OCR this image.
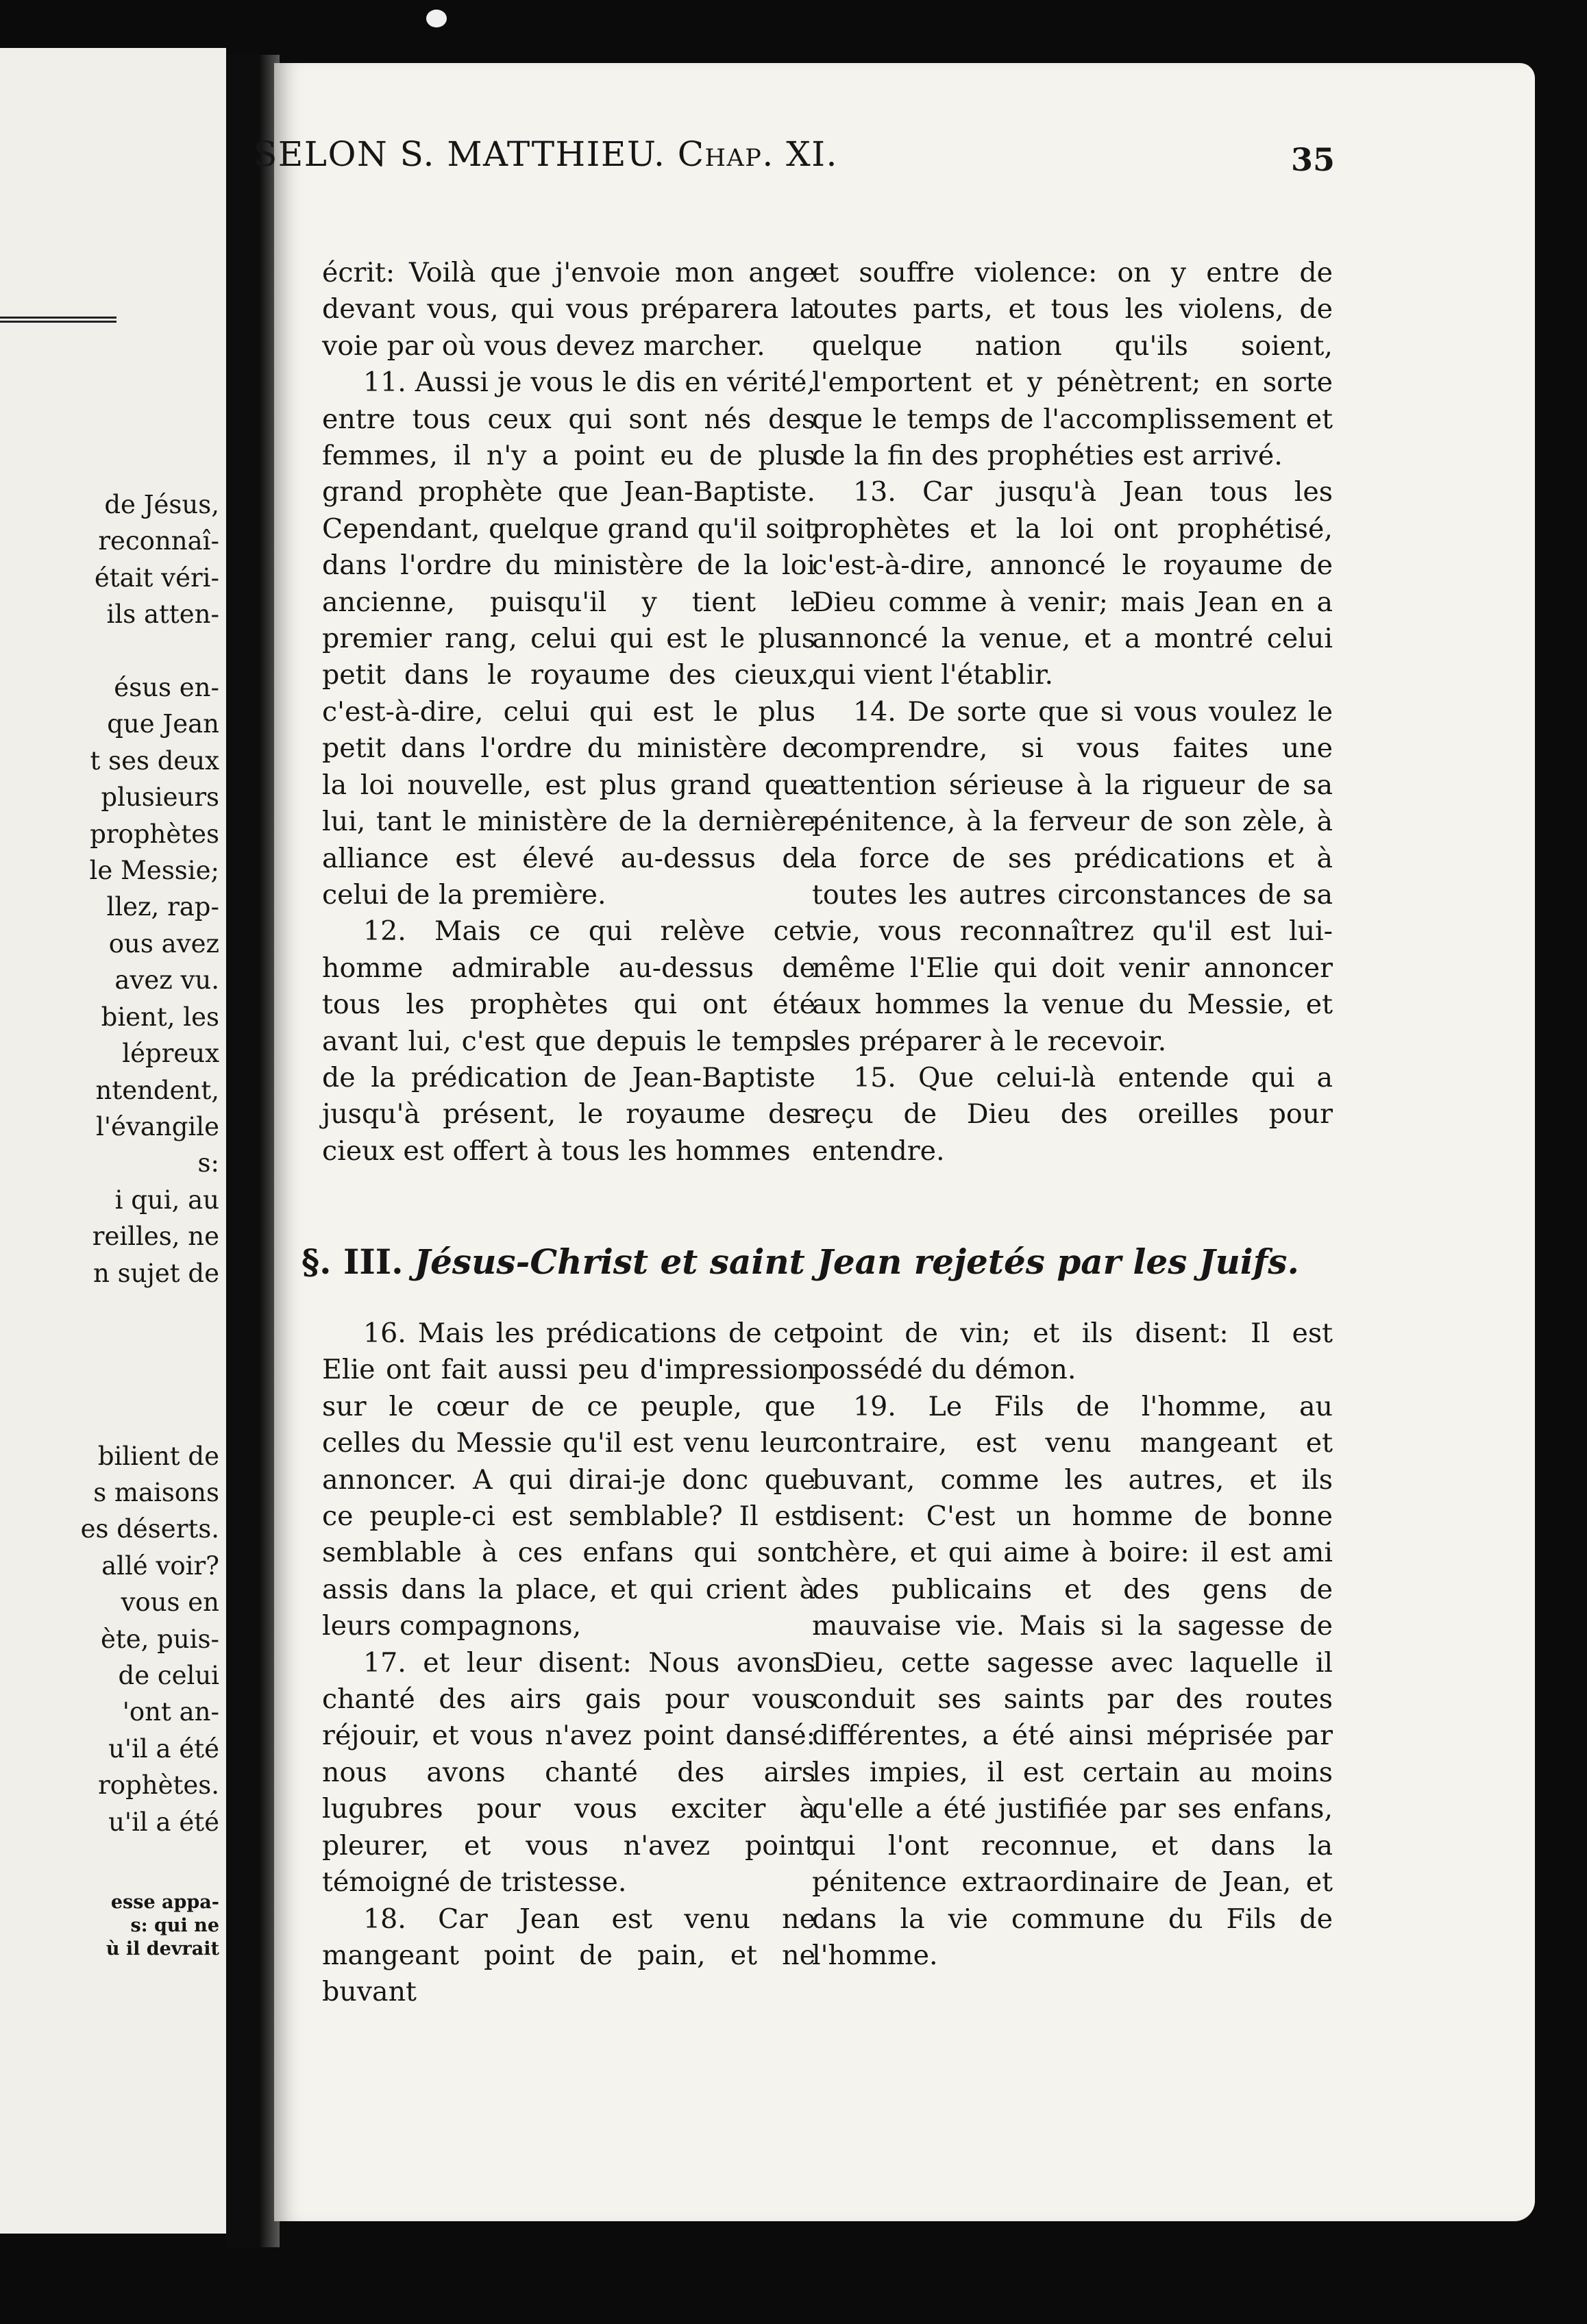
de Jésus,
reconnaî-
était véri-
ils atten-

ésus en-
que Jean
t ses deux
plusieurs
prophètes
le Messie;
llez, rap-
ous avez
avez vu.
bient, les
lépreux
ntendent,
l'évangile
s:
i qui, au
reilles, ne
n sujet de

bilient de
s maisons
es déserts.
allé voir?
vous en
ète, puis-
de celui
'ont an-
u'il a été
rophètes.
u'il a été
esse appa-
s: qui ne
ù il devrait
SELON S. MATTHIEU. Chap. XI.	35

écrit: Voilà que j'envoie mon ange devant vous, qui vous préparera la voie par où vous devez marcher.

11. Aussi je vous le dis en vérité, entre tous ceux qui sont nés des femmes, il n'y a point eu de plus grand prophète que Jean-Baptiste. Cependant, quelque grand qu'il soit dans l'ordre du ministère de la loi ancienne, puisqu'il y tient le premier rang, celui qui est le plus petit dans le royaume des cieux, c'est-à-dire, celui qui est le plus petit dans l'ordre du ministère de la loi nouvelle, est plus grand que lui, tant le ministère de la dernière alliance est élevé au-dessus de celui de la première.

12. Mais ce qui relève cet homme admirable au-dessus de tous les prophètes qui ont été avant lui, c'est que depuis le temps de la prédication de Jean-Baptiste jusqu'à présent, le royaume des cieux est offert à tous les hommes

et souffre violence: on y entre de toutes parts, et tous les violens, de quelque nation qu'ils soient, l'emportent et y pénètrent; en sorte que le temps de l'accomplissement et de la fin des prophéties est arrivé.

13. Car jusqu'à Jean tous les prophètes et la loi ont prophétisé, c'est-à-dire, annoncé le royaume de Dieu comme à venir; mais Jean en a annoncé la venue, et a montré celui qui vient l'établir.

14. De sorte que si vous voulez le comprendre, si vous faites une attention sérieuse à la rigueur de sa pénitence, à la ferveur de son zèle, à la force de ses prédications et à toutes les autres circonstances de sa vie, vous reconnaîtrez qu'il est lui-même l'Elie qui doit venir annoncer aux hommes la venue du Messie, et les préparer à le recevoir.

15. Que celui-là entende qui a reçu de Dieu des oreilles pour entendre.

§. III. Jésus-Christ et saint Jean rejetés par les Juifs.

16. Mais les prédications de cet Elie ont fait aussi peu d'impression sur le cœur de ce peuple, que celles du Messie qu'il est venu leur annoncer. A qui dirai-je donc que ce peuple-ci est semblable? Il est semblable à ces enfans qui sont assis dans la place, et qui crient à leurs compagnons,

17. et leur disent: Nous avons chanté des airs gais pour vous réjouir, et vous n'avez point dansé: nous avons chanté des airs lugubres pour vous exciter à pleurer, et vous n'avez point témoigné de tristesse.

18. Car Jean est venu ne mangeant point de pain, et ne buvant

point de vin; et ils disent: Il est possédé du démon.

19. Le Fils de l'homme, au contraire, est venu mangeant et buvant, comme les autres, et ils disent: C'est un homme de bonne chère, et qui aime à boire: il est ami des publicains et des gens de mauvaise vie. Mais si la sagesse de Dieu, cette sagesse avec laquelle il conduit ses saints par des routes différentes, a été ainsi méprisée par les impies, il est certain au moins qu'elle a été justifiée par ses enfans, qui l'ont reconnue, et dans la pénitence extraordinaire de Jean, et dans la vie commune du Fils de l'homme.
